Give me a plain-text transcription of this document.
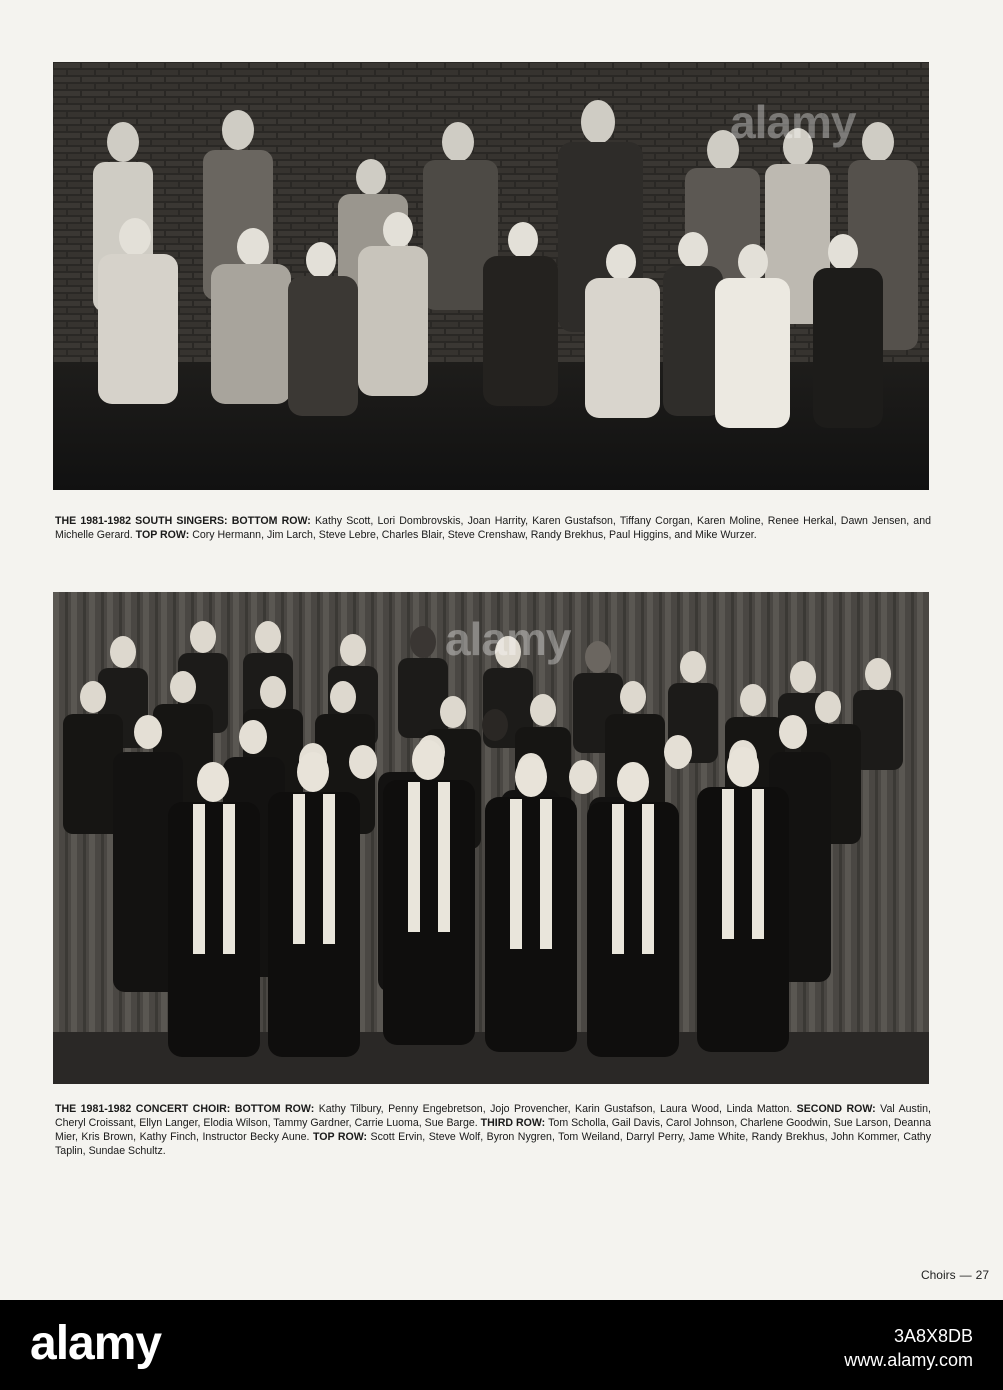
alamy
THE 1981-1982 SOUTH SINGERS: BOTTOM ROW: Kathy Scott, Lori Dombrovskis, Joan Harrity, Karen Gustafson, Tiffany Corgan, Karen Moline, Renee Herkal, Dawn Jensen, and Michelle Gerard. TOP ROW: Cory Hermann, Jim Larch, Steve Lebre, Charles Blair, Steve Crenshaw, Randy Brekhus, Paul Higgins, and Mike Wurzer.
alamy
THE 1981-1982 CONCERT CHOIR: BOTTOM ROW: Kathy Tilbury, Penny Engebretson, Jojo Provencher, Karin Gustafson, Laura Wood, Linda Matton. SECOND ROW: Val Austin, Cheryl Croissant, Ellyn Langer, Elodia Wilson, Tammy Gardner, Carrie Luoma, Sue Barge. THIRD ROW: Tom Scholla, Gail Davis, Carol Johnson, Charlene Goodwin, Sue Larson, Deanna Mier, Kris Brown, Kathy Finch, Instructor Becky Aune. TOP ROW: Scott Ervin, Steve Wolf, Byron Nygren, Tom Weiland, Darryl Perry, Jame White, Randy Brekhus, John Kommer, Cathy Taplin, Sundae Schultz.
Choirs — 27
alamy	3A8X8DB
www.alamy.com
